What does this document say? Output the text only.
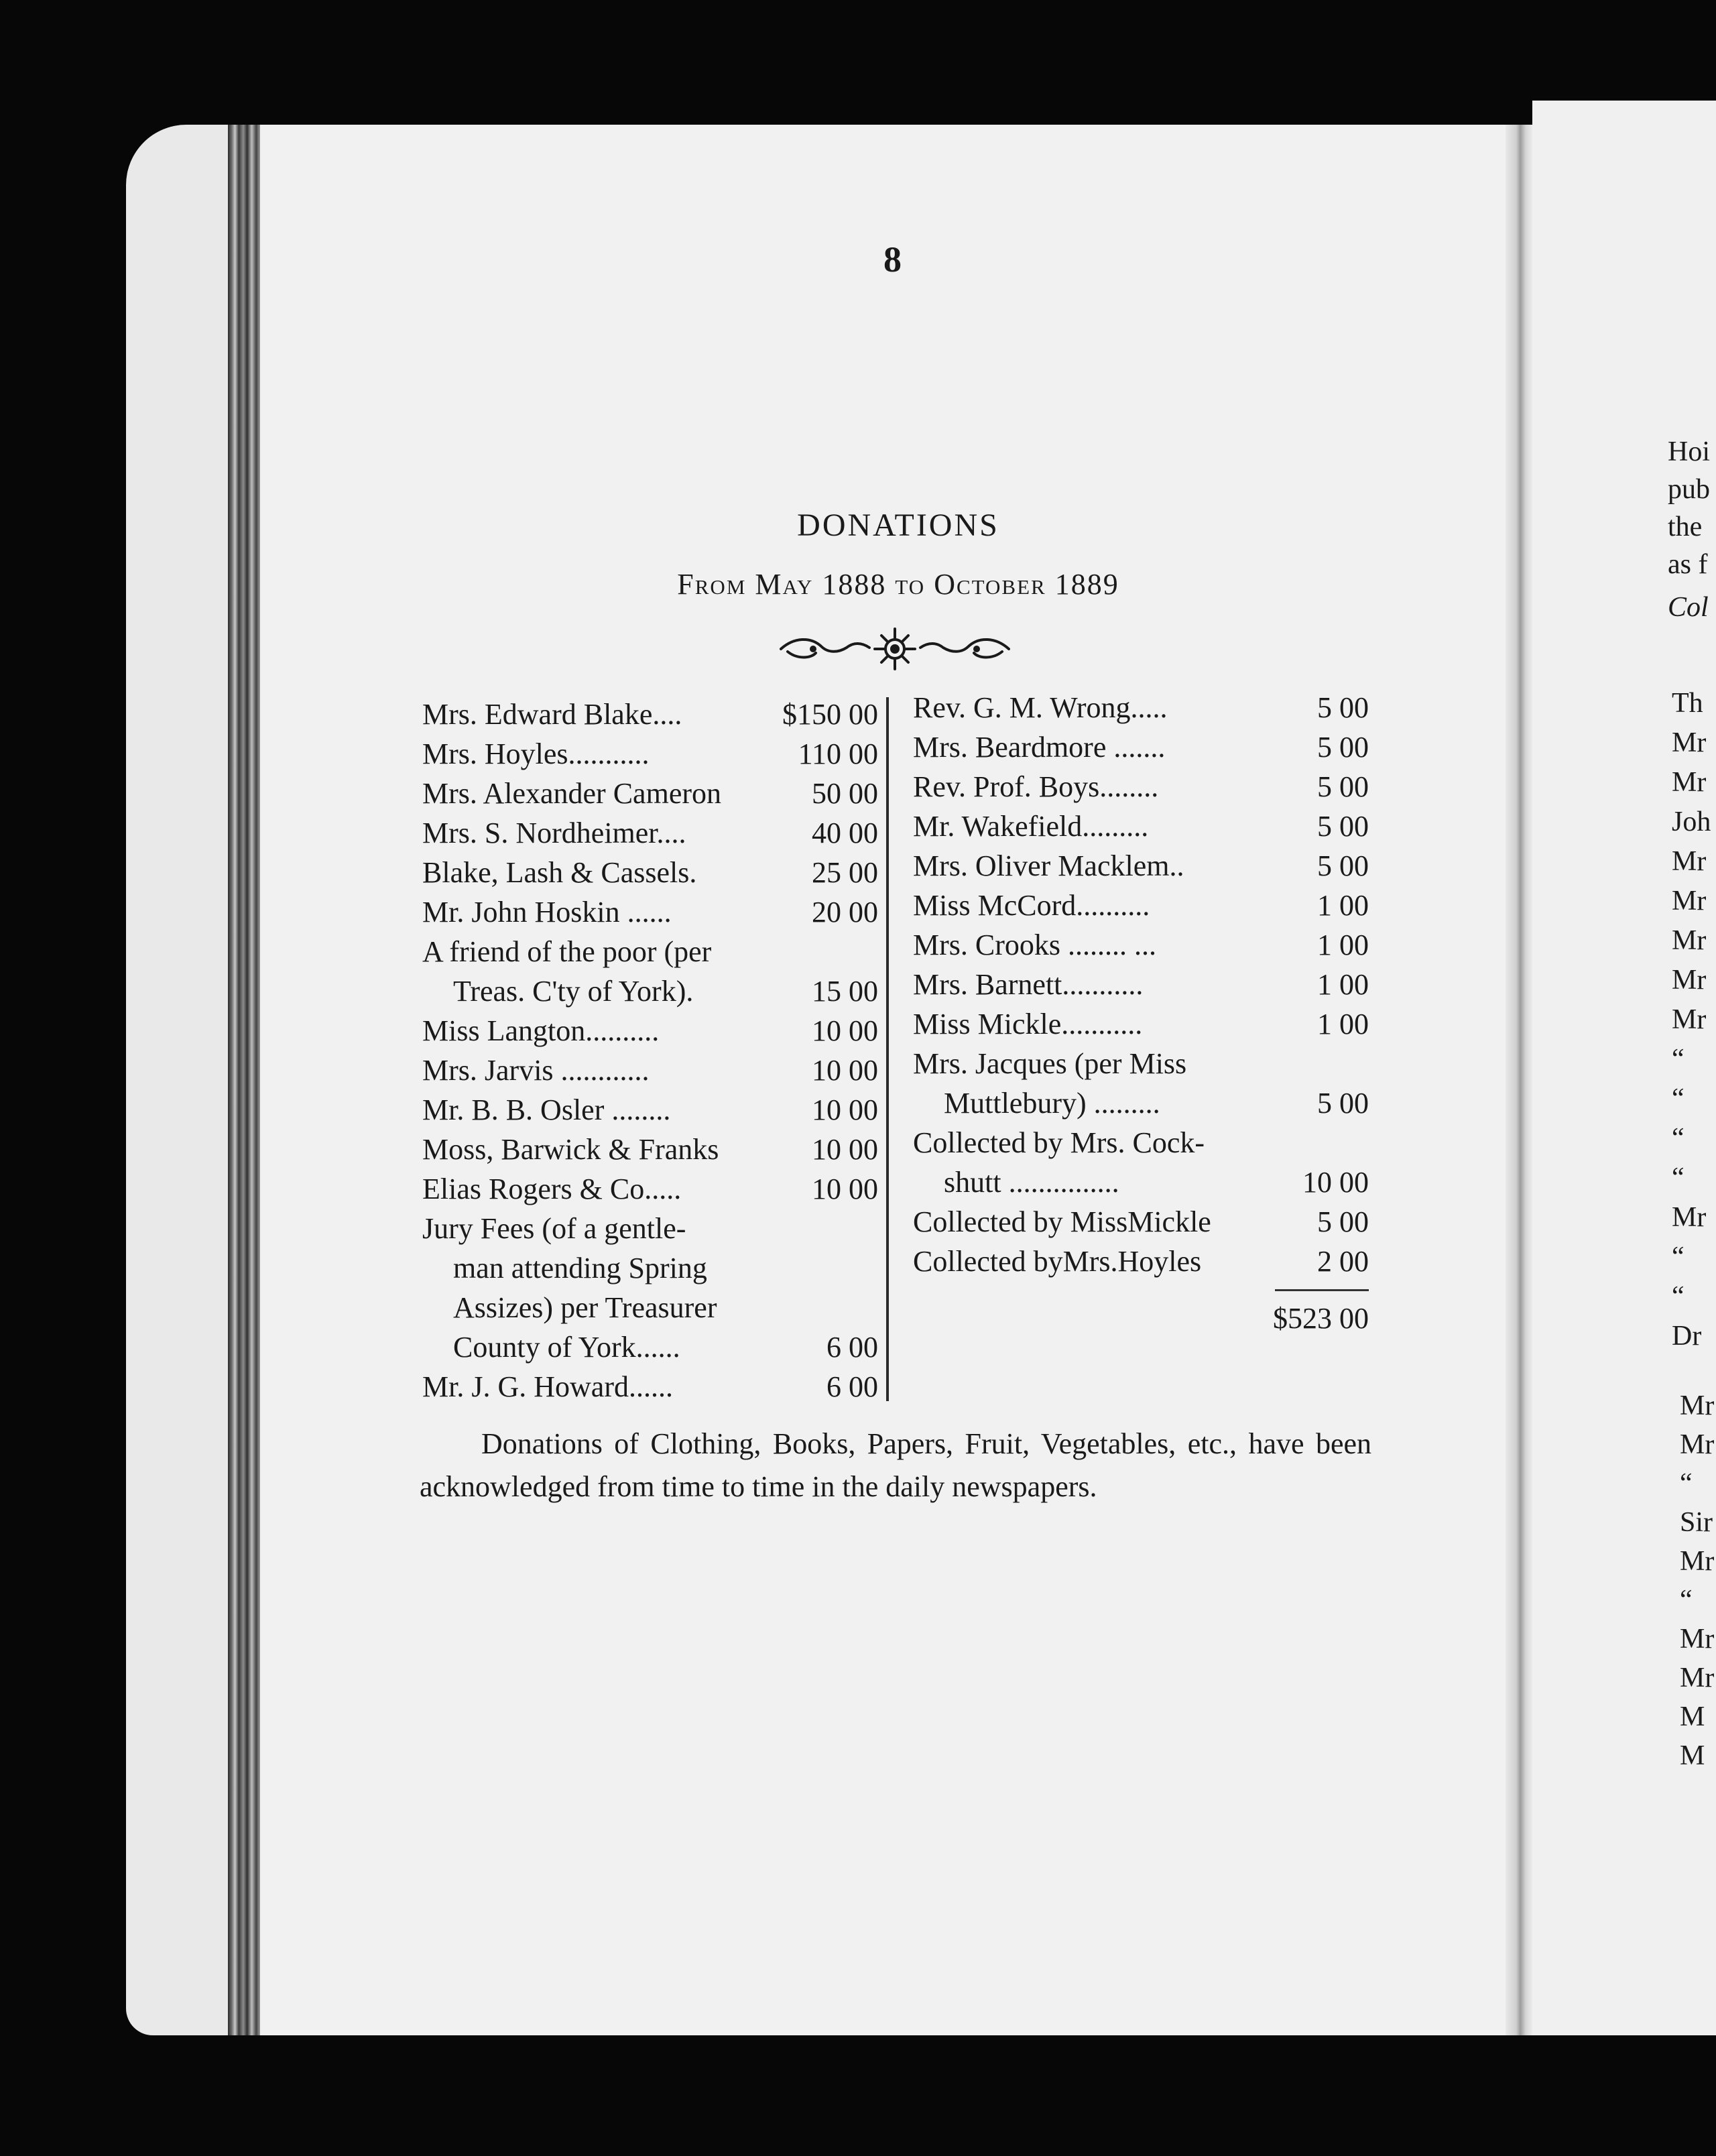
8
DONATIONS
From May 1888 to October 1889
Mrs. Edward Blake....	$150 00
Mrs. Hoyles...........	110 00
Mrs. Alexander Cameron	50 00
Mrs. S. Nordheimer....	40 00
Blake, Lash & Cassels.	25 00
Mr. John Hoskin ......	20 00
A friend of the poor (per
Treas. C'ty of York).	15 00
Miss Langton..........	10 00
Mrs. Jarvis ............	10 00
Mr. B. B. Osler ........	10 00
Moss, Barwick & Franks	10 00
Elias Rogers & Co.....	10 00
Jury Fees (of a gentle-
man attending Spring
Assizes) per Treasurer
County of York......	6 00
Mr. J. G. Howard......	6 00
Rev. G. M. Wrong.....	5 00
Mrs. Beardmore .......	5 00
Rev. Prof. Boys........	5 00
Mr. Wakefield.........	5 00
Mrs. Oliver Macklem..	5 00
Miss McCord..........	1 00
Mrs. Crooks ........ ...	1 00
Mrs. Barnett...........	1 00
Miss Mickle...........	1 00
Mrs. Jacques (per Miss
Muttlebury) .........	5 00
Collected by Mrs. Cock-
shutt ...............	10 00
Collected by MissMickle	5 00
Collected byMrs.Hoyles	2 00
$523 00
Donations of Clothing, Books, Papers, Fruit, Vegetables, etc., have been acknowledged from time to time in the daily newspapers.
Hoi
pub
the
as f
Col
Th
Mr
Mr
Joh
Mr
Mr
Mr
Mr
Mr
“
“
“
“
Mr
“
“
Dr
Mr
Mr
“
Sir
Mr
“
Mr
Mr
M
M
